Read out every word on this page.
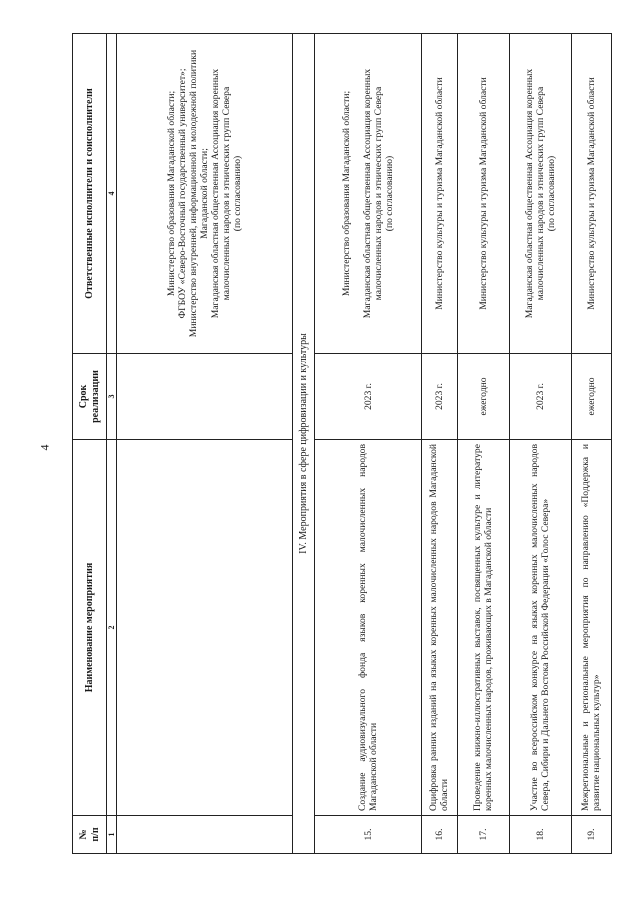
4
№
п/п	Наименование мероприятия	Срок реализации	Ответственные исполнители и соисполнители
1	2	3	4

			Министерство образования Магаданской области; ФГБОУ «Северо-Восточный государственный университет»; Министерство внутренней, информационной и молодежной политики Магаданской области; Магаданская областная общественная Ассоциация коренных малочисленных народов и этнических групп Севера (по согласованию)

IV. Мероприятия в сфере цифровизации и культуры			
15.	Создание аудиовизуального фонда языков коренных малочисленных народов Магаданской области	2023 г.	Министерство образования Магаданской области; Магаданская областная общественная Ассоциация коренных малочисленных народов и этнических групп Севера (по согласованию)

16.	Оцифровка ранних изданий на языках коренных малочисленных народов Магаданской области	2023 г.	Министерство культуры и туризма Магаданской области

17.	Проведение книжно-иллюстративных выставок, посвященных культуре и литературе коренных малочисленных народов, проживающих в Магаданской области	ежегодно	Министерство культуры и туризма Магаданской области

18.	Участие во всероссийском конкурсе на языках коренных малочисленных народов Севера, Сибири и Дальнего Востока Российской Федерации «Голос Севера»	2023 г.	Магаданская областная общественная Ассоциация коренных малочисленных народов и этнических групп Севера (по согласованию)

19.	Межрегиональные и региональные мероприятия по направлению «Поддержка и развитие национальных культур»	ежегодно	Министерство культуры и туризма Магаданской области
